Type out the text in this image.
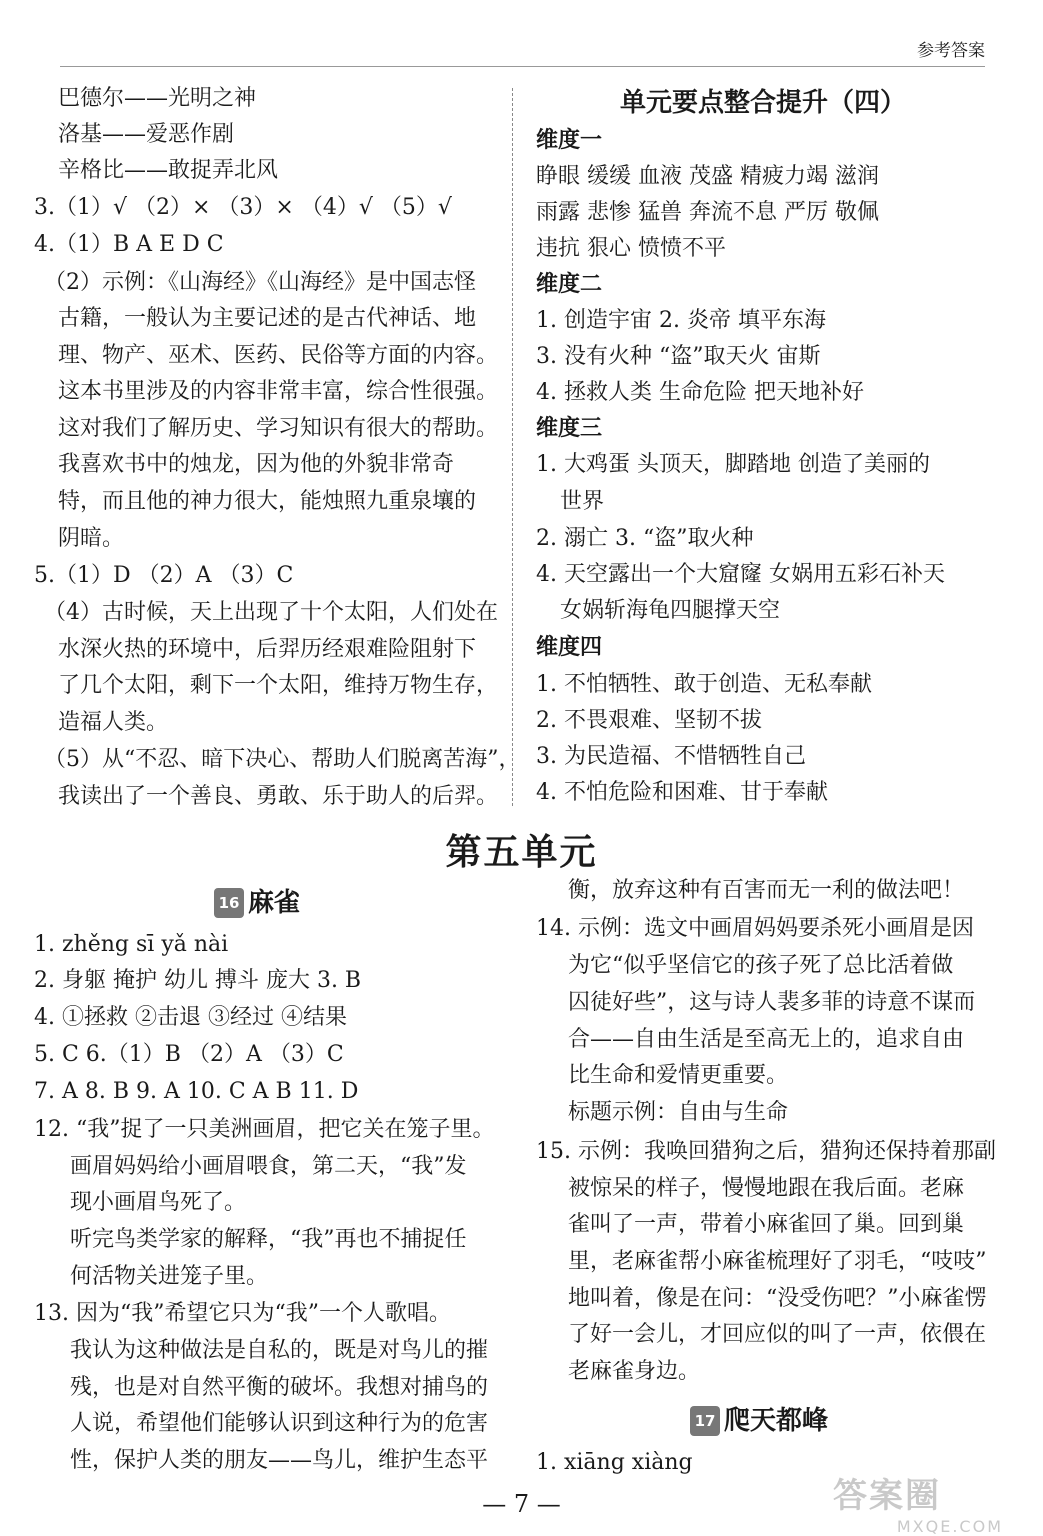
参考答案
巴德尔——光明之神
洛基——爱恶作剧
辛格比——敢捉弄北风
3.（1）√ （2）× （3）× （4）√ （5）√
4.（1）B A E D C
（2）示例：《山海经》《山海经》是中国志怪
古籍，一般认为主要记述的是古代神话、地
理、物产、巫术、医药、民俗等方面的内容。
这本书里涉及的内容非常丰富，综合性很强。
这对我们了解历史、学习知识有很大的帮助。
我喜欢书中的烛龙，因为他的外貌非常奇
特，而且他的神力很大，能烛照九重泉壤的
阴暗。
5.（1）D （2）A （3）C
（4）古时候，天上出现了十个太阳，人们处在
水深火热的环境中，后羿历经艰难险阻射下
了几个太阳，剩下一个太阳，维持万物生存，
造福人类。
（5）从“不忍、暗下决心、帮助人们脱离苦海”，
我读出了一个善良、勇敢、乐于助人的后羿。
单元要点整合提升（四）
维度一
睁眼 缓缓 血液 茂盛 精疲力竭 滋润
雨露 悲惨 猛兽 奔流不息 严厉 敬佩
违抗 狠心 愤愤不平
维度二
1. 创造宇宙 2. 炎帝 填平东海
3. 没有火种 “盗”取天火 宙斯
4. 拯救人类 生命危险 把天地补好
维度三
1. 大鸡蛋 头顶天，脚踏地 创造了美丽的
世界
2. 溺亡 3. “盗”取火种
4. 天空露出一个大窟窿 女娲用五彩石补天
女娲斩海龟四腿撑天空
维度四
1. 不怕牺牲、敢于创造、无私奉献
2. 不畏艰难、坚韧不拔
3. 为民造福、不惜牺牲自己
4. 不怕危险和困难、甘于奉献
第五单元
16 麻雀
1. zhěng sī yǎ nài
2. 身躯 掩护 幼儿 搏斗 庞大 3. B
4. ①拯救 ②击退 ③经过 ④结果
5. C 6.（1）B （2）A （3）C
7. A 8. B 9. A 10. C A B 11. D
12. “我”捉了一只美洲画眉，把它关在笼子里。
画眉妈妈给小画眉喂食，第二天，“我”发
现小画眉鸟死了。
听完鸟类学家的解释，“我”再也不捕捉任
何活物关进笼子里。
13. 因为“我”希望它只为“我”一个人歌唱。
我认为这种做法是自私的，既是对鸟儿的摧
残，也是对自然平衡的破坏。我想对捕鸟的
人说，希望他们能够认识到这种行为的危害
性，保护人类的朋友——鸟儿，维护生态平
衡，放弃这种有百害而无一利的做法吧！
14. 示例：选文中画眉妈妈要杀死小画眉是因
为它“似乎坚信它的孩子死了总比活着做
囚徒好些”，这与诗人裴多菲的诗意不谋而
合——自由生活是至高无上的，追求自由
比生命和爱情更重要。
标题示例：自由与生命
15. 示例：我唤回猎狗之后，猎狗还保持着那副
被惊呆的样子，慢慢地跟在我后面。老麻
雀叫了一声，带着小麻雀回了巢。回到巢
里，老麻雀帮小麻雀梳理好了羽毛，“吱吱”
地叫着，像是在问：“没受伤吧？”小麻雀愣
了好一会儿，才回应似的叫了一声，依偎在
老麻雀身边。
17 爬天都峰
1. xiāng xiàng
— 7 —	答案圈
MXQE.COM
